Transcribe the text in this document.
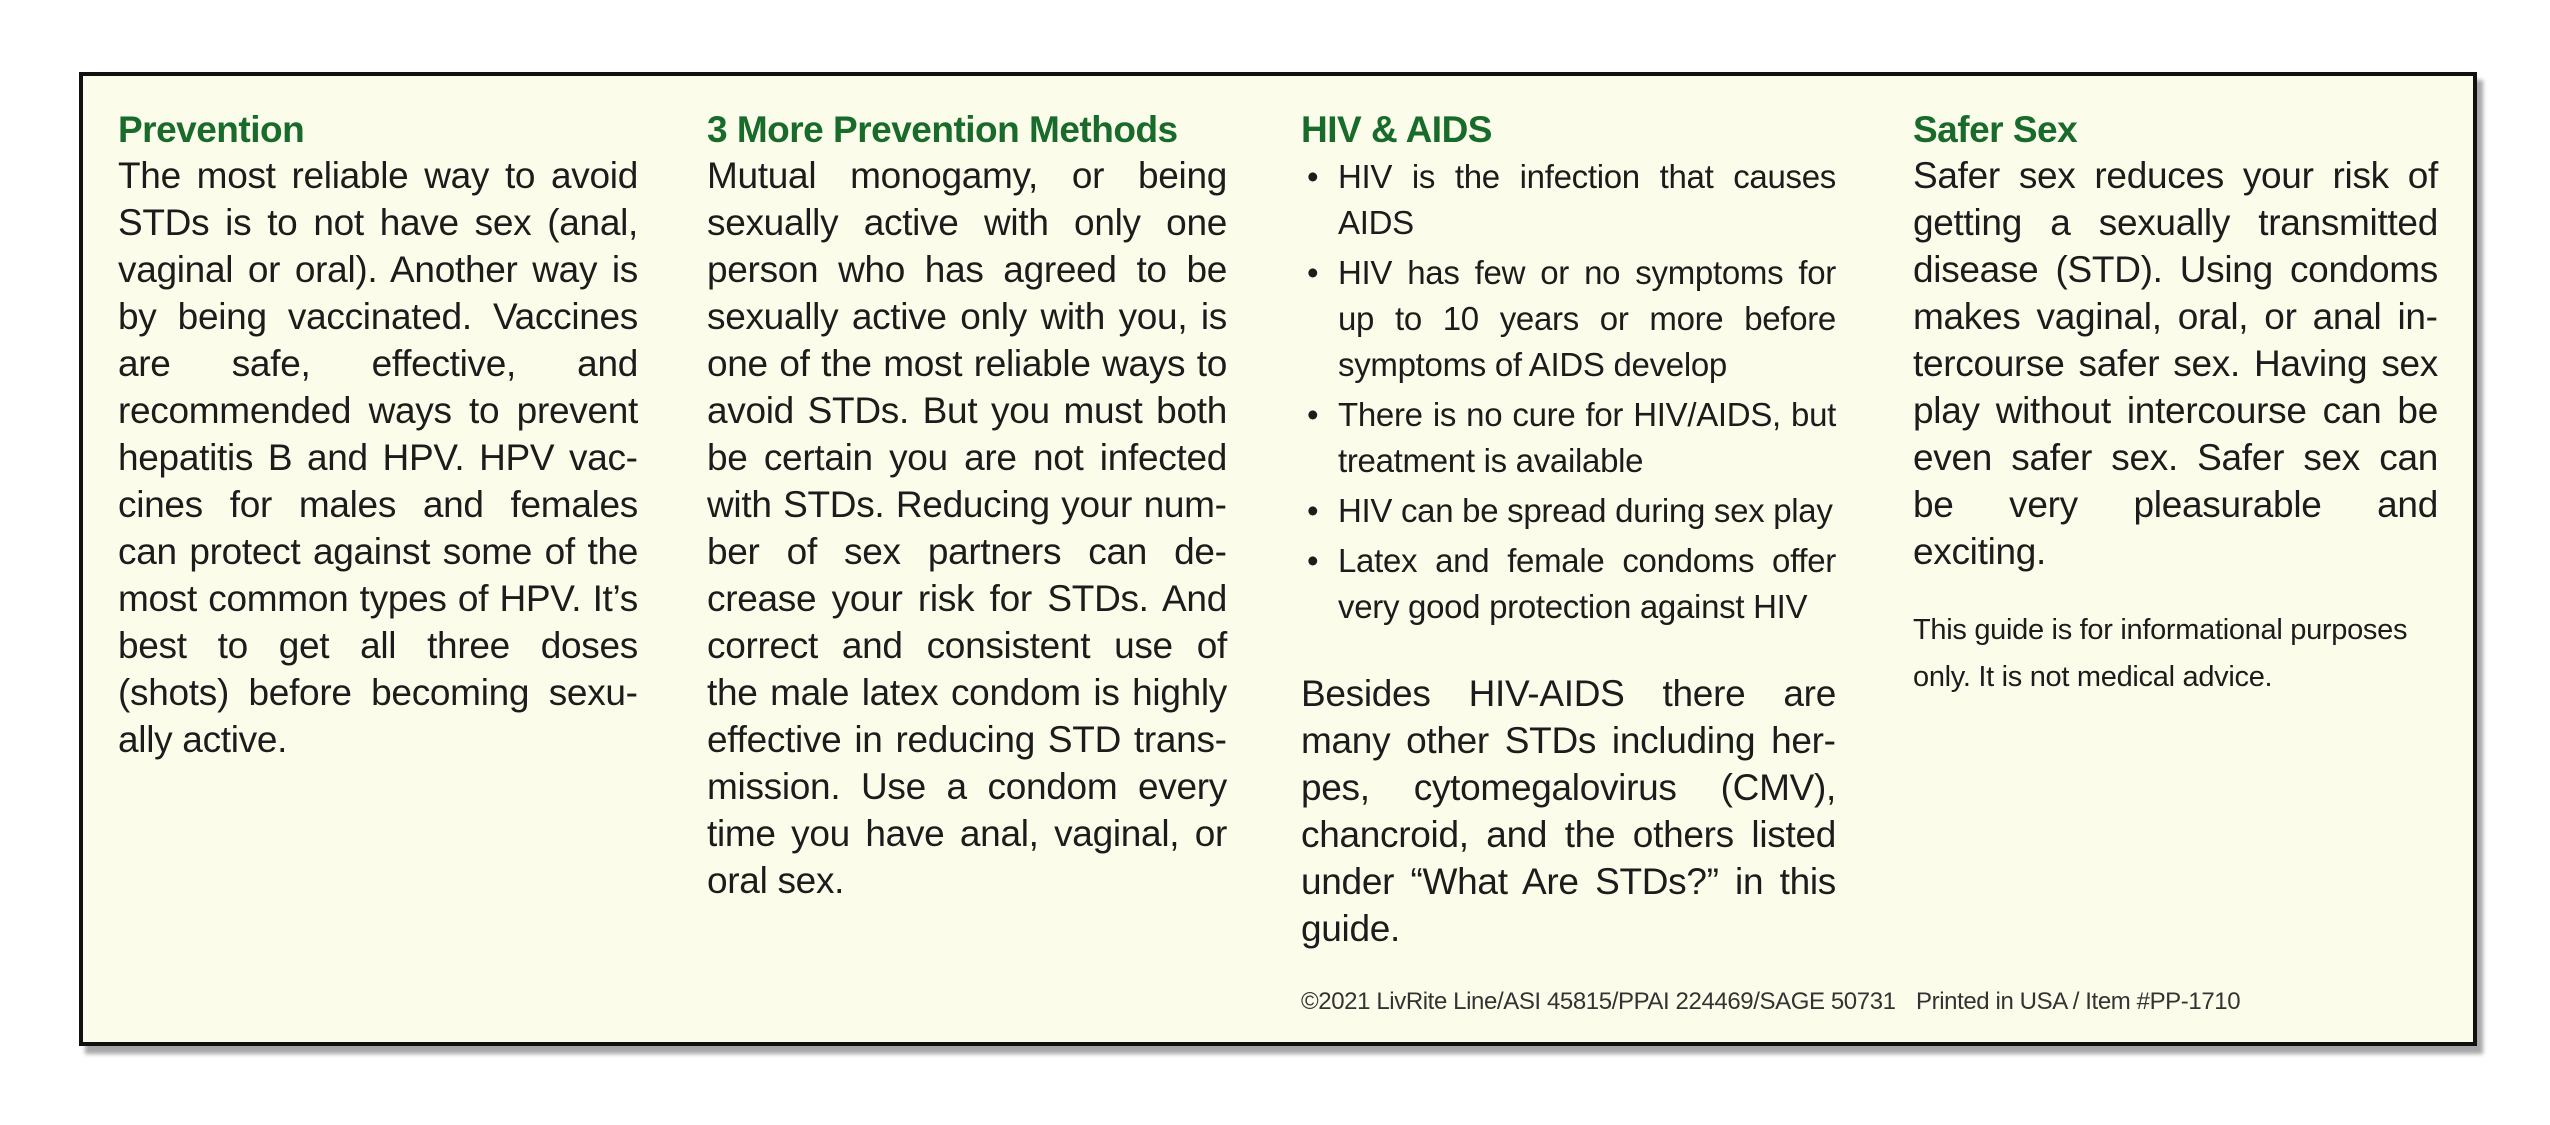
Prevention

The most reliable way to avoid STDs is to not have sex (anal, vaginal or oral). Another way is by being vaccinated. Vaccines are safe, effective, and recommended ways to prevent hepatitis B and HPV. HPV vaccines for males and females can protect against some of the most common types of HPV. It’s best to get all three doses (shots) before becoming sexually active.

3 More Prevention Methods

Mutual monogamy, or being sexually active with only one person who has agreed to be sexually active only with you, is one of the most reliable ways to avoid STDs. But you must both be certain you are not infected with STDs. Reducing your number of sex partners can decrease your risk for STDs. And correct and consistent use of the male latex condom is highly effective in reducing STD transmission. Use a condom every time you have anal, vaginal, or oral sex.

HIV & AIDS
• HIV is the infection that causes AIDS
• HIV has few or no symptoms for up to 10 years or more before symptoms of AIDS develop
• There is no cure for HIV/AIDS, but treatment is available
• HIV can be spread during sex play
• Latex and female condoms offer very good protection against HIV

Besides HIV-AIDS there are many other STDs including herpes, cytomegalovirus (CMV), chancroid, and the others listed under “What Are STDs?” in this guide.

Safer Sex

Safer sex reduces your risk of getting a sexually transmitted disease (STD). Using condoms makes vaginal, oral, or anal intercourse safer sex. Having sex play without intercourse can be even safer sex. Safer sex can be very pleasurable and exciting.

This guide is for informational purposes only. It is not medical advice.

©2021 LivRite Line/ASI 45815/PPAI 224469/SAGE 50731 Printed in USA / Item #PP-1710
